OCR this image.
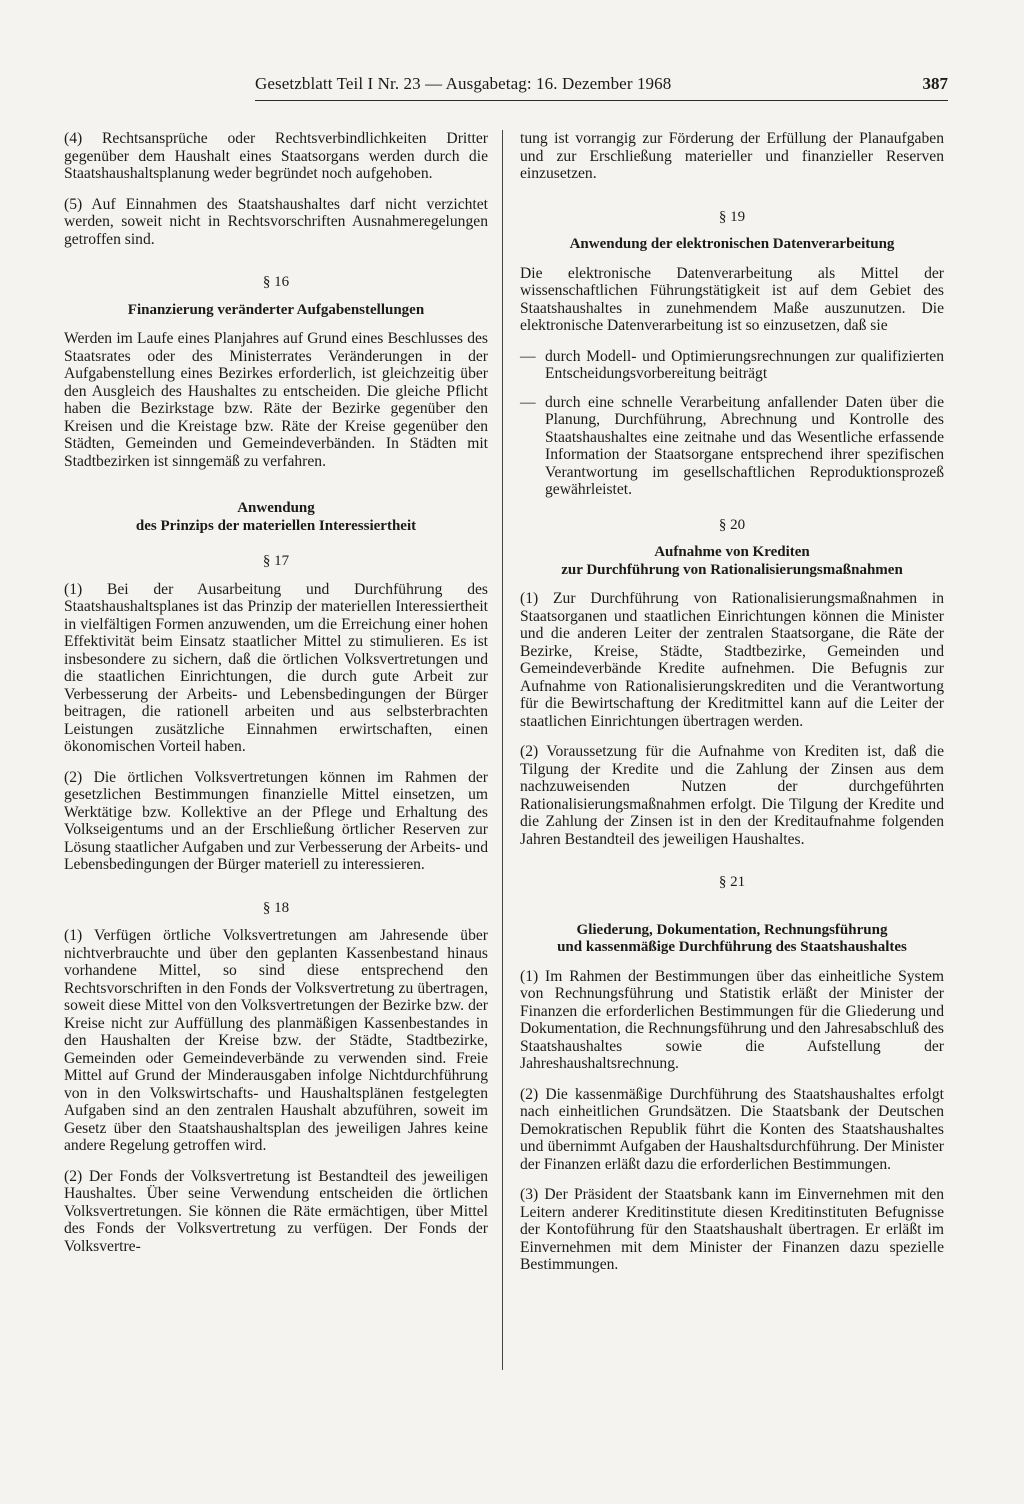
Gesetzblatt Teil I Nr. 23 — Ausgabetag: 16. Dezember 1968	387

(4) Rechtsansprüche oder Rechtsverbindlichkeiten Dritter gegenüber dem Haushalt eines Staatsorgans werden durch die Staatshaushaltsplanung weder begründet noch aufgehoben.

(5) Auf Einnahmen des Staatshaushaltes darf nicht verzichtet werden, soweit nicht in Rechtsvorschriften Ausnahmeregelungen getroffen sind.

§ 16
Finanzierung veränderter Aufgabenstellungen

Werden im Laufe eines Planjahres auf Grund eines Beschlusses des Staatsrates oder des Ministerrates Veränderungen in der Aufgabenstellung eines Bezirkes erforderlich, ist gleichzeitig über den Ausgleich des Haushaltes zu entscheiden. Die gleiche Pflicht haben die Bezirkstage bzw. Räte der Bezirke gegenüber den Kreisen und die Kreistage bzw. Räte der Kreise gegenüber den Städten, Gemeinden und Gemeindeverbänden. In Städten mit Stadtbezirken ist sinngemäß zu verfahren.

Anwendung
des Prinzips der materiellen Interessiertheit
§ 17

(1) Bei der Ausarbeitung und Durchführung des Staatshaushaltsplanes ist das Prinzip der materiellen Interessiertheit in vielfältigen Formen anzuwenden, um die Erreichung einer hohen Effektivität beim Einsatz staatlicher Mittel zu stimulieren. Es ist insbesondere zu sichern, daß die örtlichen Volksvertretungen und die staatlichen Einrichtungen, die durch gute Arbeit zur Verbesserung der Arbeits- und Lebensbedingungen der Bürger beitragen, die rationell arbeiten und aus selbsterbrachten Leistungen zusätzliche Einnahmen erwirtschaften, einen ökonomischen Vorteil haben.

(2) Die örtlichen Volksvertretungen können im Rahmen der gesetzlichen Bestimmungen finanzielle Mittel einsetzen, um Werktätige bzw. Kollektive an der Pflege und Erhaltung des Volkseigentums und an der Erschließung örtlicher Reserven zur Lösung staatlicher Aufgaben und zur Verbesserung der Arbeits- und Lebensbedingungen der Bürger materiell zu interessieren.

§ 18

(1) Verfügen örtliche Volksvertretungen am Jahresende über nichtverbrauchte und über den geplanten Kassenbestand hinaus vorhandene Mittel, so sind diese entsprechend den Rechtsvorschriften in den Fonds der Volksvertretung zu übertragen, soweit diese Mittel von den Volksvertretungen der Bezirke bzw. der Kreise nicht zur Auffüllung des planmäßigen Kassenbestandes in den Haushalten der Kreise bzw. der Städte, Stadtbezirke, Gemeinden oder Gemeindeverbände zu verwenden sind. Freie Mittel auf Grund der Minderausgaben infolge Nichtdurchführung von in den Volkswirtschafts- und Haushaltsplänen festgelegten Aufgaben sind an den zentralen Haushalt abzuführen, soweit im Gesetz über den Staatshaushaltsplan des jeweiligen Jahres keine andere Regelung getroffen wird.

(2) Der Fonds der Volksvertretung ist Bestandteil des jeweiligen Haushaltes. Über seine Verwendung entscheiden die örtlichen Volksvertretungen. Sie können die Räte ermächtigen, über Mittel des Fonds der Volksvertretung zu verfügen. Der Fonds der Volksvertre-

tung ist vorrangig zur Förderung der Erfüllung der Planaufgaben und zur Erschließung materieller und finanzieller Reserven einzusetzen.

§ 19
Anwendung der elektronischen Datenverarbeitung

Die elektronische Datenverarbeitung als Mittel der wissenschaftlichen Führungstätigkeit ist auf dem Gebiet des Staatshaushaltes in zunehmendem Maße auszunutzen. Die elektronische Datenverarbeitung ist so einzusetzen, daß sie

— durch Modell- und Optimierungsrechnungen zur qualifizierten Entscheidungsvorbereitung beiträgt
— durch eine schnelle Verarbeitung anfallender Daten über die Planung, Durchführung, Abrechnung und Kontrolle des Staatshaushaltes eine zeitnahe und das Wesentliche erfassende Information der Staatsorgane entsprechend ihrer spezifischen Verantwortung im gesellschaftlichen Reproduktionsprozeß gewährleistet.
§ 20
Aufnahme von Krediten
zur Durchführung von Rationalisierungsmaßnahmen

(1) Zur Durchführung von Rationalisierungsmaßnahmen in Staatsorganen und staatlichen Einrichtungen können die Minister und die anderen Leiter der zentralen Staatsorgane, die Räte der Bezirke, Kreise, Städte, Stadtbezirke, Gemeinden und Gemeindeverbände Kredite aufnehmen. Die Befugnis zur Aufnahme von Rationalisierungskrediten und die Verantwortung für die Bewirtschaftung der Kreditmittel kann auf die Leiter der staatlichen Einrichtungen übertragen werden.

(2) Voraussetzung für die Aufnahme von Krediten ist, daß die Tilgung der Kredite und die Zahlung der Zinsen aus dem nachzuweisenden Nutzen der durchgeführten Rationalisierungsmaßnahmen erfolgt. Die Tilgung der Kredite und die Zahlung der Zinsen ist in den der Kreditaufnahme folgenden Jahren Bestandteil des jeweiligen Haushaltes.

§ 21
Gliederung, Dokumentation, Rechnungsführung
und kassenmäßige Durchführung des Staatshaushaltes

(1) Im Rahmen der Bestimmungen über das einheitliche System von Rechnungsführung und Statistik erläßt der Minister der Finanzen die erforderlichen Bestimmungen für die Gliederung und Dokumentation, die Rechnungsführung und den Jahresabschluß des Staatshaushaltes sowie die Aufstellung der Jahreshaushaltsrechnung.

(2) Die kassenmäßige Durchführung des Staatshaushaltes erfolgt nach einheitlichen Grundsätzen. Die Staatsbank der Deutschen Demokratischen Republik führt die Konten des Staatshaushaltes und übernimmt Aufgaben der Haushaltsdurchführung. Der Minister der Finanzen erläßt dazu die erforderlichen Bestimmungen.

(3) Der Präsident der Staatsbank kann im Einvernehmen mit den Leitern anderer Kreditinstitute diesen Kreditinstituten Befugnisse der Kontoführung für den Staatshaushalt übertragen. Er erläßt im Einvernehmen mit dem Minister der Finanzen dazu spezielle Bestimmungen.
